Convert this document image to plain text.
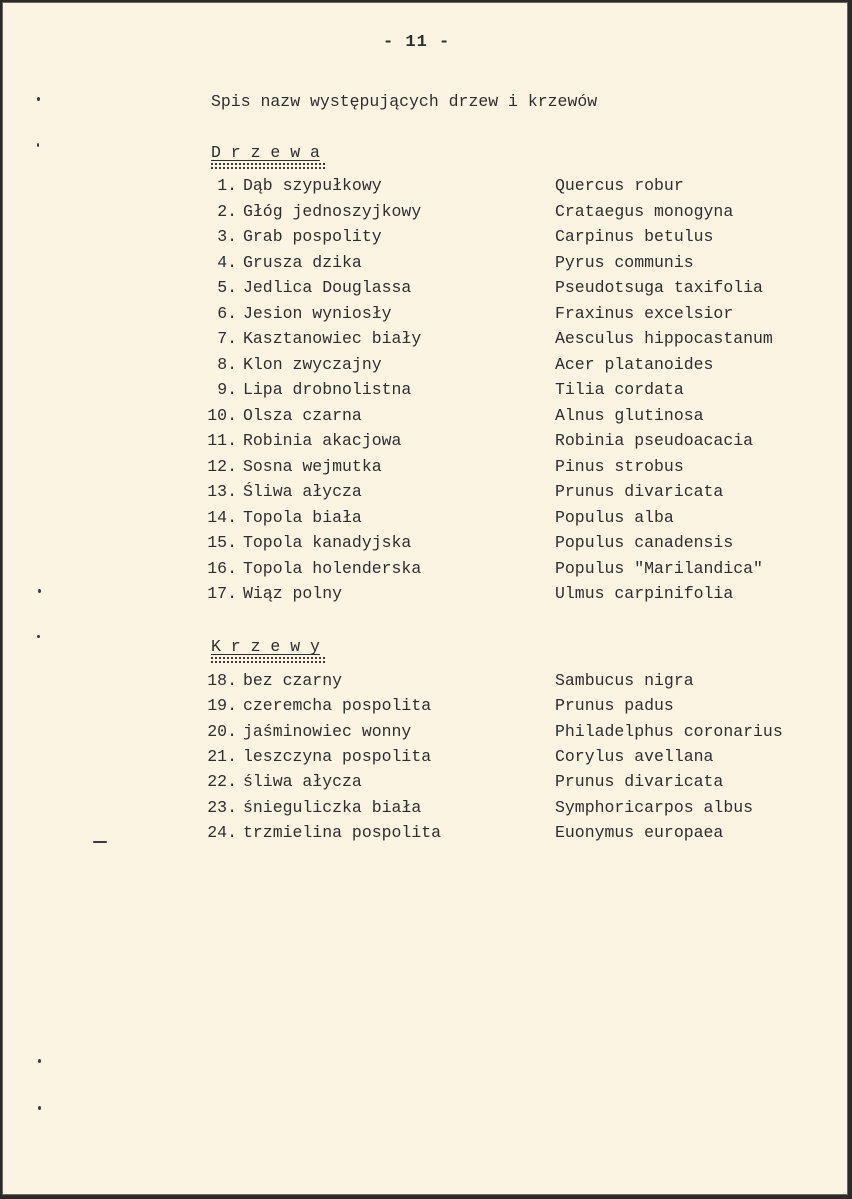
- 11 -
Spis nazw występujących drzew i krzewów
D r z e w a
1. Dąb szypułkowy	Quercus robur
2. Głóg jednoszyjkowy	Crataegus monogyna
3. Grab pospolity	Carpinus betulus
4. Grusza dzika	Pyrus communis
5. Jedlica Douglassa	Pseudotsuga taxifolia
6. Jesion wyniosły	Fraxinus excelsior
7. Kasztanowiec biały	Aesculus hippocastanum
8. Klon zwyczajny	Acer platanoides
9. Lipa drobnolistna	Tilia cordata
10. Olsza czarna	Alnus glutinosa
11. Robinia akacjowa	Robinia pseudoacacia
12. Sosna wejmutka	Pinus strobus
13. Śliwa ałycza	Prunus divaricata
14. Topola biała	Populus alba
15. Topola kanadyjska	Populus canadensis
16. Topola holenderska	Populus "Marilandica"
17. Wiąz polny	Ulmus carpinifolia
K r z e w y
18. bez czarny	Sambucus nigra
19. czeremcha pospolita	Prunus padus
20. jaśminowiec wonny	Philadelphus coronarius
21. leszczyna pospolita	Corylus avellana
22. śliwa ałycza	Prunus divaricata
23. śnieguliczka biała	Symphoricarpos albus
24. trzmielina pospolita	Euonymus europaea
